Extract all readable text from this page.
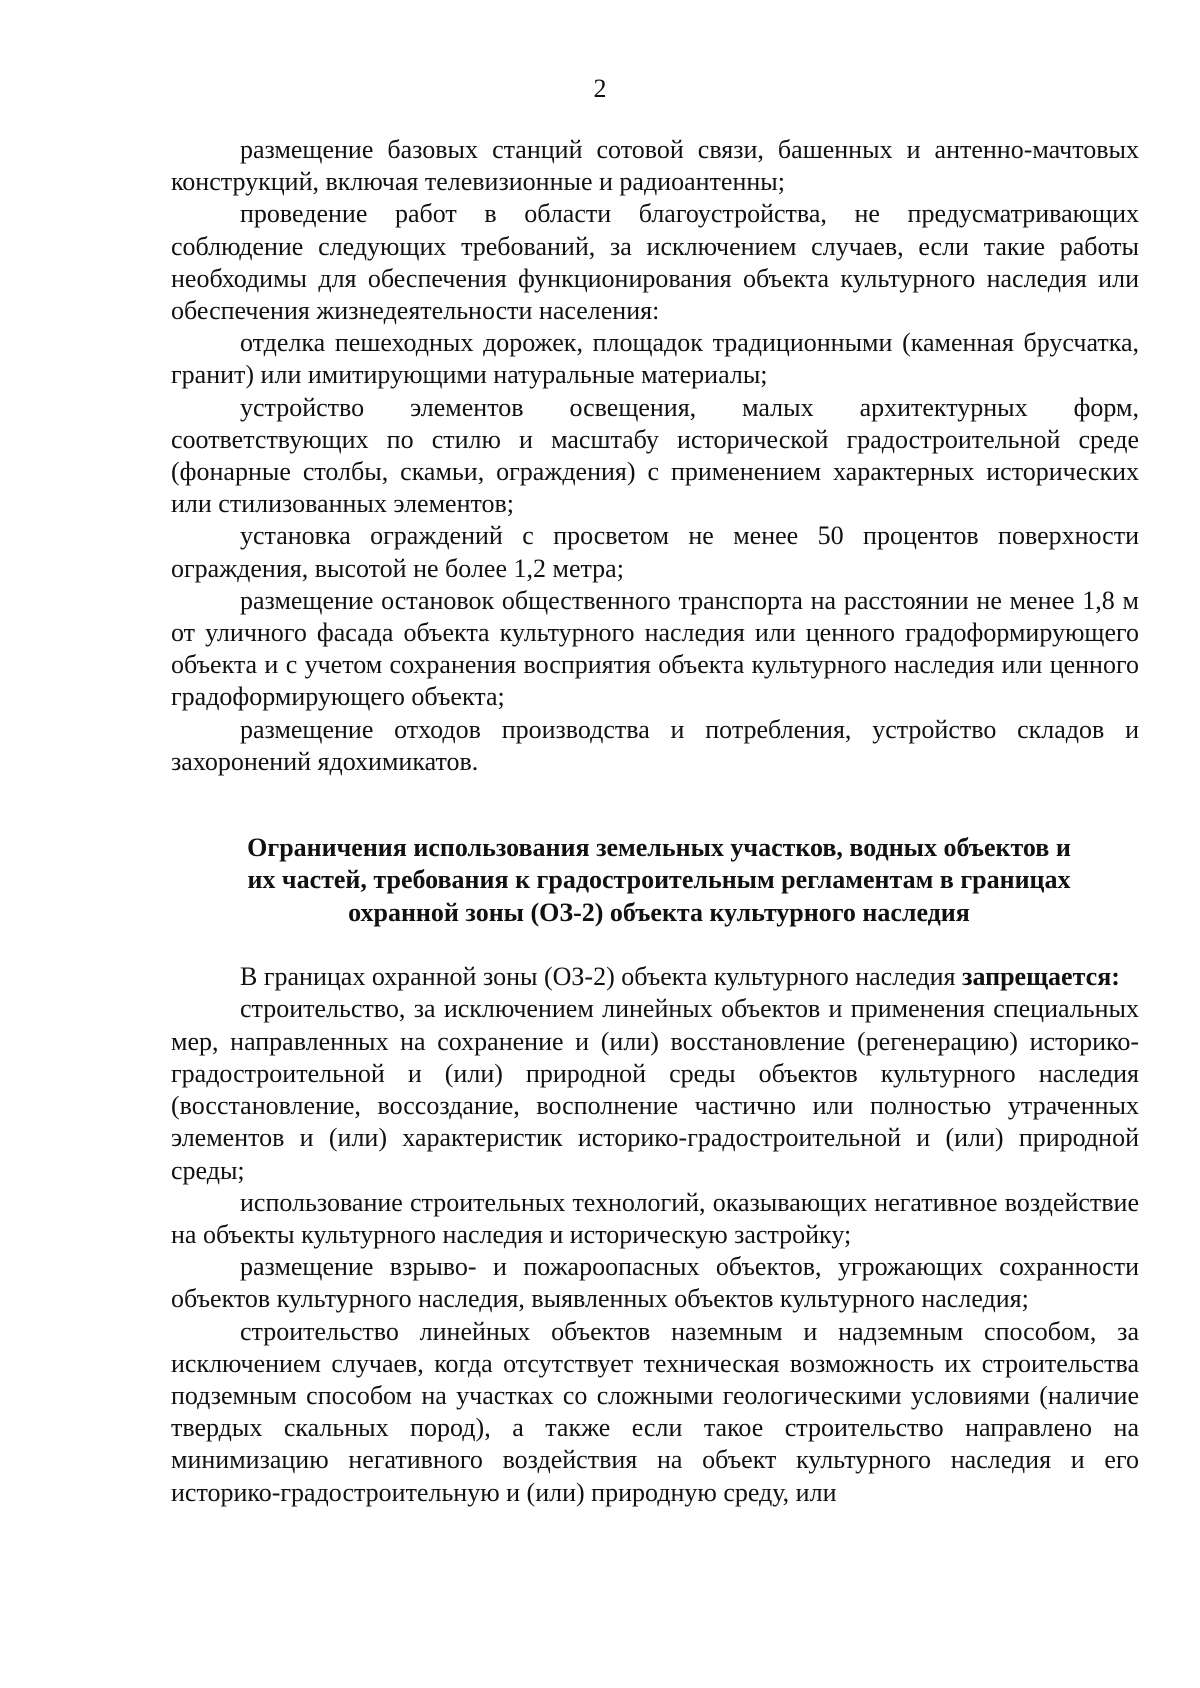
2

размещение базовых станций сотовой связи, башенных и антенно-мачтовых конструкций, включая телевизионные и радиоантенны;

проведение работ в области благоустройства, не предусматривающих соблюдение следующих требований, за исключением случаев, если такие работы необходимы для обеспечения функционирования объекта культурного наследия или обеспечения жизнедеятельности населения:

отделка пешеходных дорожек, площадок традиционными (каменная брусчатка, гранит) или имитирующими натуральные материалы;

устройство элементов освещения, малых архитектурных форм, соответствующих по стилю и масштабу исторической градостроительной среде (фонарные столбы, скамьи, ограждения) с применением характерных исторических или стилизованных элементов;

установка ограждений с просветом не менее 50 процентов поверхности ограждения, высотой не более 1,2 метра;

размещение остановок общественного транспорта на расстоянии не менее 1,8 м от уличного фасада объекта культурного наследия или ценного градоформирующего объекта и с учетом сохранения восприятия объекта культурного наследия или ценного градоформирующего объекта;

размещение отходов производства и потребления, устройство складов и захоронений ядохимикатов.

Ограничения использования земельных участков, водных объектов и
их частей, требования к градостроительным регламентам в границах
охранной зоны (ОЗ-2) объекта культурного наследия

В границах охранной зоны (ОЗ-2) объекта культурного наследия запрещается:

строительство, за исключением линейных объектов и применения специальных мер, направленных на сохранение и (или) восстановление (регенерацию) историко-градостроительной и (или) природной среды объектов культурного наследия (восстановление, воссоздание, восполнение частично или полностью утраченных элементов и (или) характеристик историко-градостроительной и (или) природной среды;

использование строительных технологий, оказывающих негативное воздействие на объекты культурного наследия и историческую застройку;

размещение взрыво- и пожароопасных объектов, угрожающих сохранности объектов культурного наследия, выявленных объектов культурного наследия;

строительство линейных объектов наземным и надземным способом, за исключением случаев, когда отсутствует техническая возможность их строительства подземным способом на участках со сложными геологическими условиями (наличие твердых скальных пород), а также если такое строительство направлено на минимизацию негативного воздействия на объект культурного наследия и его историко-градостроительную и (или) природную среду, или
